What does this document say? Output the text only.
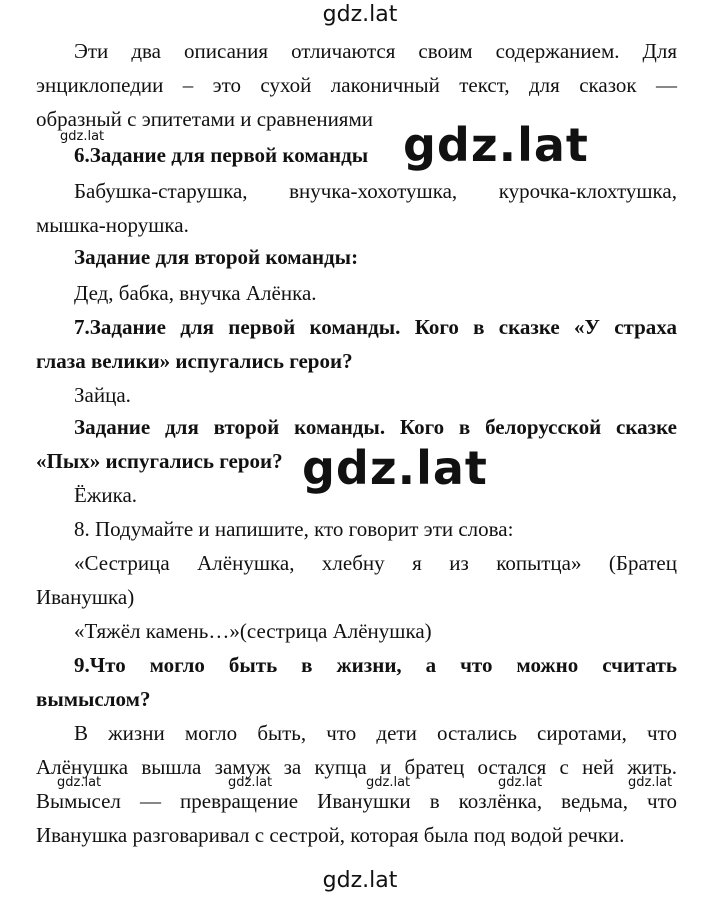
gdz.lat
gdz.lat
gdz.lat
gdz.lat
gdz.lat	gdz.lat	gdz.lat	gdz.lat	gdz.lat
gdz.lat
Эти два описания отличаются своим содержанием. Для
энциклопедии – это сухой лаконичный текст, для сказок —
образный с эпитетами и сравнениями
6.Задание для первой команды
Бабушка-старушка, внучка-хохотушка, курочка-клохтушка,
мышка-норушка.
Задание для второй команды:
Дед, бабка, внучка Алёнка.
7.Задание для первой команды. Кого в сказке «У страха
глаза велики» испугались герои?
Зайца.
Задание для второй команды. Кого в белорусской сказке
«Пых» испугались герои?
Ёжика.
8. Подумайте и напишите, кто говорит эти слова:
«Сестрица Алёнушка, хлебну я из копытца» (Братец
Иванушка)
«Тяжёл камень…»(сестрица Алёнушка)
9.Что могло быть в жизни, а что можно считать
вымыслом?
В жизни могло быть, что дети остались сиротами, что
Алёнушка вышла замуж за купца и братец остался с ней жить.
Вымысел — превращение Иванушки в козлёнка, ведьма, что
Иванушка разговаривал с сестрой, которая была под водой речки.
